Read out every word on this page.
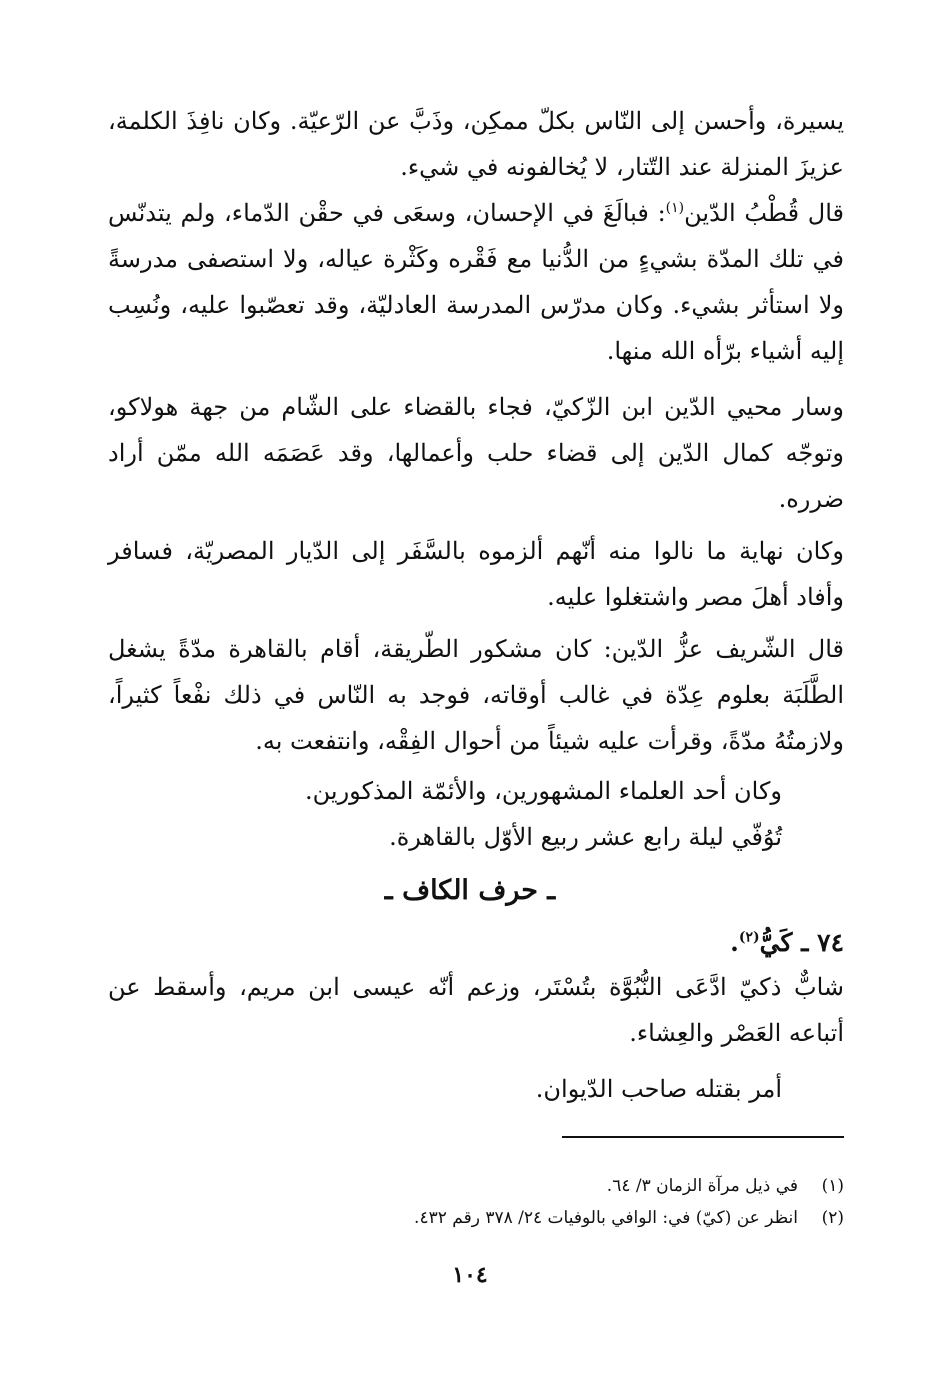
يسيرة، وأحسن إلى النّاس بكلّ ممكِن، وذَبَّ عن الرّعيّة. وكان نافِذَ الكلمة، عزيزَ المنزلة عند التّتار، لا يُخالفونه في شيء.
قال قُطْبُ الدّين$^{(١)}$: فبالَغَ في الإحسان، وسعَى في حقْن الدّماء، ولم يتدنّس في تلك المدّة بشيءٍ من الدُّنيا مع فَقْره وكَثْرة عياله، ولا استصفى مدرسةً ولا استأثر بشيء. وكان مدرّس المدرسة العادليّة، وقد تعصّبوا عليه، ونُسِب إليه أشياء برّأه الله منها.
وسار محيي الدّين ابن الزّكيّ، فجاء بالقضاء على الشّام من جهة هولاكو، وتوجّه كمال الدّين إلى قضاء حلب وأعمالها، وقد عَصَمَه الله ممّن أراد ضرره.
وكان نهاية ما نالوا منه أنّهم ألزموه بالسَّفَر إلى الدّيار المصريّة، فسافر وأفاد أهلَ مصر واشتغلوا عليه.
قال الشّريف عزُّ الدّين: كان مشكور الطّريقة، أقام بالقاهرة مدّةً يشغل الطَّلَبَة بعلوم عِدّة في غالب أوقاته، فوجد به النّاس في ذلك نفْعاً كثيراً، ولازمتُهُ مدّةً، وقرأت عليه شيئاً من أحوال الفِقْه، وانتفعت به.
وكان أحد العلماء المشهورين، والأئمّة المذكورين.
تُوُفّي ليلة رابع عشر ربيع الأوّل بالقاهرة.
ـ حرف الكاف ـ
٧٤ ـ كَيُّ$^{(٢)}$.
شابٌّ ذكيّ ادَّعَى النُّبُوَّة بتُسْتَر، وزعم أنّه عيسى ابن مريم، وأسقط عن أتباعه العَصْر والعِشاء.
أمر بقتله صاحب الدّيوان.
(١)في ذيل مرآة الزمان ٣/ ٦٤.
(٢)انظر عن (كيّ) في: الوافي بالوفيات ٢٤/ ٣٧٨ رقم ٤٣٢.
١٠٤
